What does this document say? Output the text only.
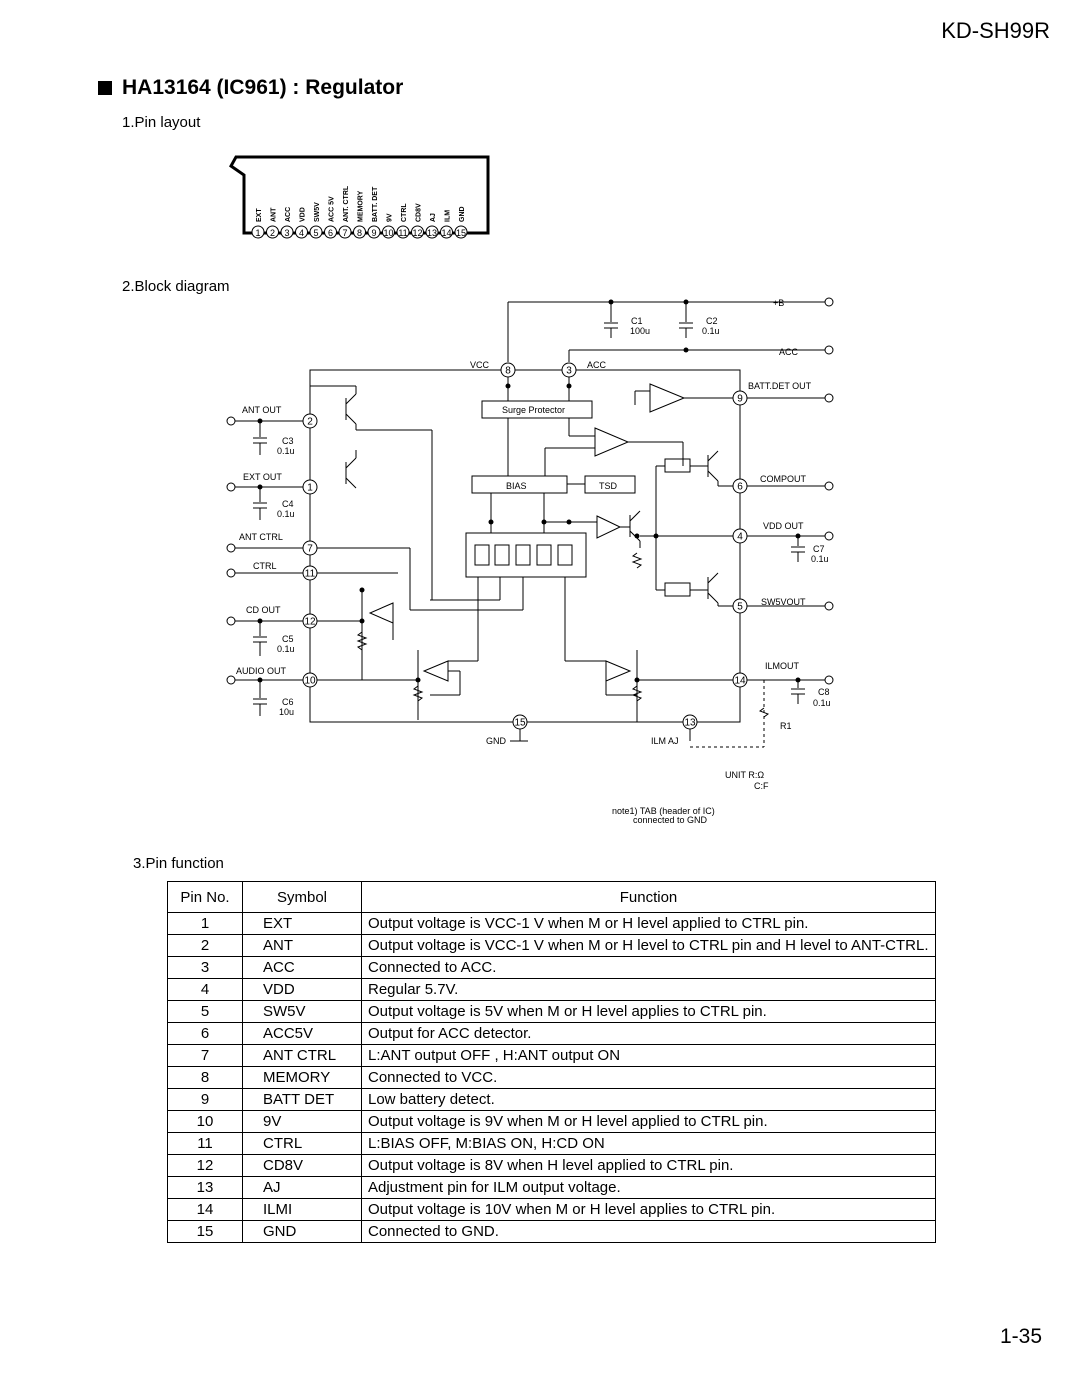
KD-SH99R
HA13164 (IC961) : Regulator
1.Pin layout
2.Block diagram
3.Pin function
EXT ANT ACC VDD SW5V ACC 5V ANT. CTRL MEMORY BATT. DET 9V CTRL CD8V AJ ILM GND
1 2 3 4 5 6 7 8 9 10 11 12 13 14 15
8	3
9
2
6
1
4
7
11
5
12
14
10
15	13
+B
ACC
VCC	ACC
C1
100u
C2
0.1u
BATT.DET OUT
ANT OUT
C3
0.1u
Surge Protector
EXT OUT
BIAS	TSD
COMPOUT
C4
0.1u
VDD OUT
ANT CTRL
C7
0.1u
CTRL
SW5VOUT
CD OUT
C5
0.1u
AUDIO OUT	ILMOUT
C6
10u
C8
0.1u
R1
GND	ILM AJ
UNIT R:Ω
C:F
note1) TAB (header of IC)
connected to GND
Pin No.	Symbol	Function
1	EXT	Output voltage is VCC-1 V when M or H level applied to CTRL pin.
2	ANT	Output voltage is VCC-1 V when M or H level to CTRL pin and H level to ANT-CTRL.
3	ACC	Connected to ACC.
4	VDD	Regular 5.7V.
5	SW5V	Output voltage is 5V when M or H level applies to CTRL pin.
6	ACC5V	Output for ACC detector.
7	ANT CTRL	L:ANT output OFF , H:ANT output ON
8	MEMORY	Connected to VCC.
9	BATT DET	Low battery detect.
10	9V	Output voltage is 9V when M or H level applied to CTRL pin.
11	CTRL	L:BIAS OFF, M:BIAS ON, H:CD ON
12	CD8V	Output voltage is 8V when H level applied to CTRL pin.
13	AJ	Adjustment pin for ILM output voltage.
14	ILMI	Output voltage is 10V when M or H level applies to CTRL pin.
15	GND	Connected to GND.
1-35
